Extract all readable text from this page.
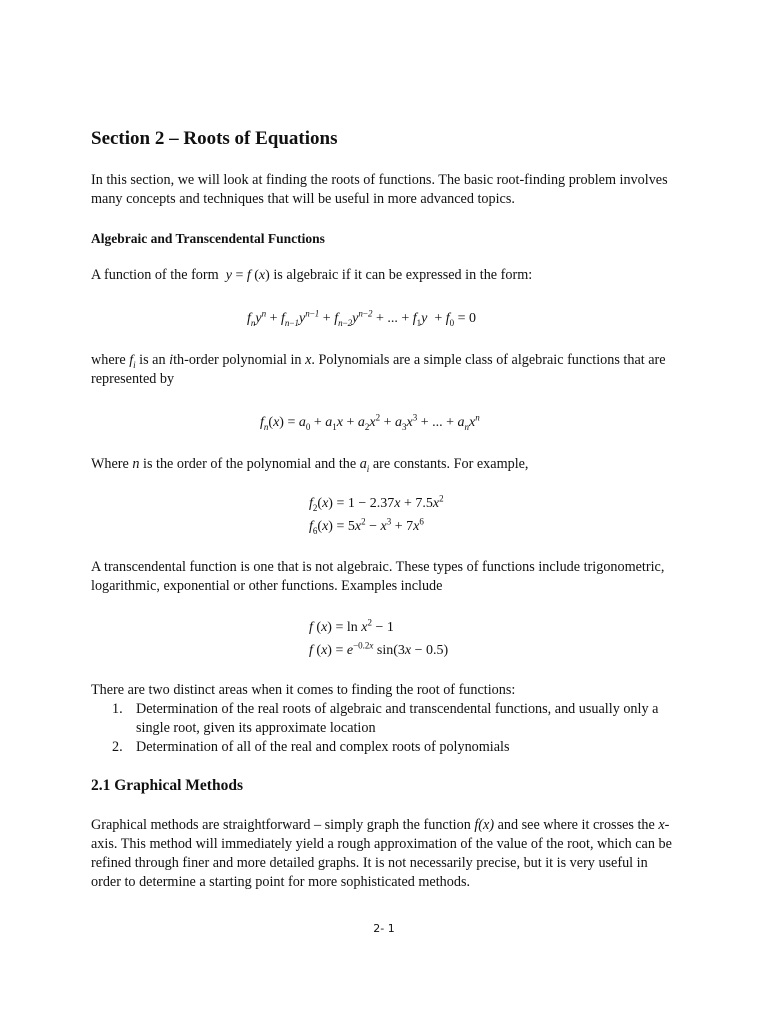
Section 2 – Roots of Equations

In this section, we will look at finding the roots of functions. The basic root-finding problem involves many concepts and techniques that will be useful in more advanced topics.

Algebraic and Transcendental Functions

A function of the form  y = f (x) is algebraic if it can be expressed in the form:

$f_ny^n + f_{n-1}y^{n-1} + f_{n-2}y^{n-2}$ + ... + $f_1y + f_0 = 0$

where $f_i$ is an ith-order polynomial in x. Polynomials are a simple class of algebraic functions that are represented by

$f_n(x) = a_0 + a_1x + a_2x^2 + a_3x^3$ + ... + $a_nx^n$

Where n is the order of the polynomial and the $a_i$ are constants. For example,

$f_2(x) = 1 - 2.37x + 7.5x^2$
$f_6(x) = 5x^2 - x^3 + 7x^6$

A transcendental function is one that is not algebraic. These types of functions include trigonometric, logarithmic, exponential or other functions. Examples include

f $(x) = \ln x^2 - 1$
f $(x) = e^{-0.2x}$ sin(3x − 0.5)

There are two distinct areas when it comes to finding the root of functions:

1. Determination of the real roots of algebraic and transcendental functions, and usually only a single root, given its approximate location
2. Determination of all of the real and complex roots of polynomials
2.1 Graphical Methods

Graphical methods are straightforward – simply graph the function f(x) and see where it crosses the x-axis. This method will immediately yield a rough approximation of the value of the root, which can be refined through finer and more detailed graphs. It is not necessarily precise, but it is very useful in order to determine a starting point for more sophisticated methods.

2- 1
